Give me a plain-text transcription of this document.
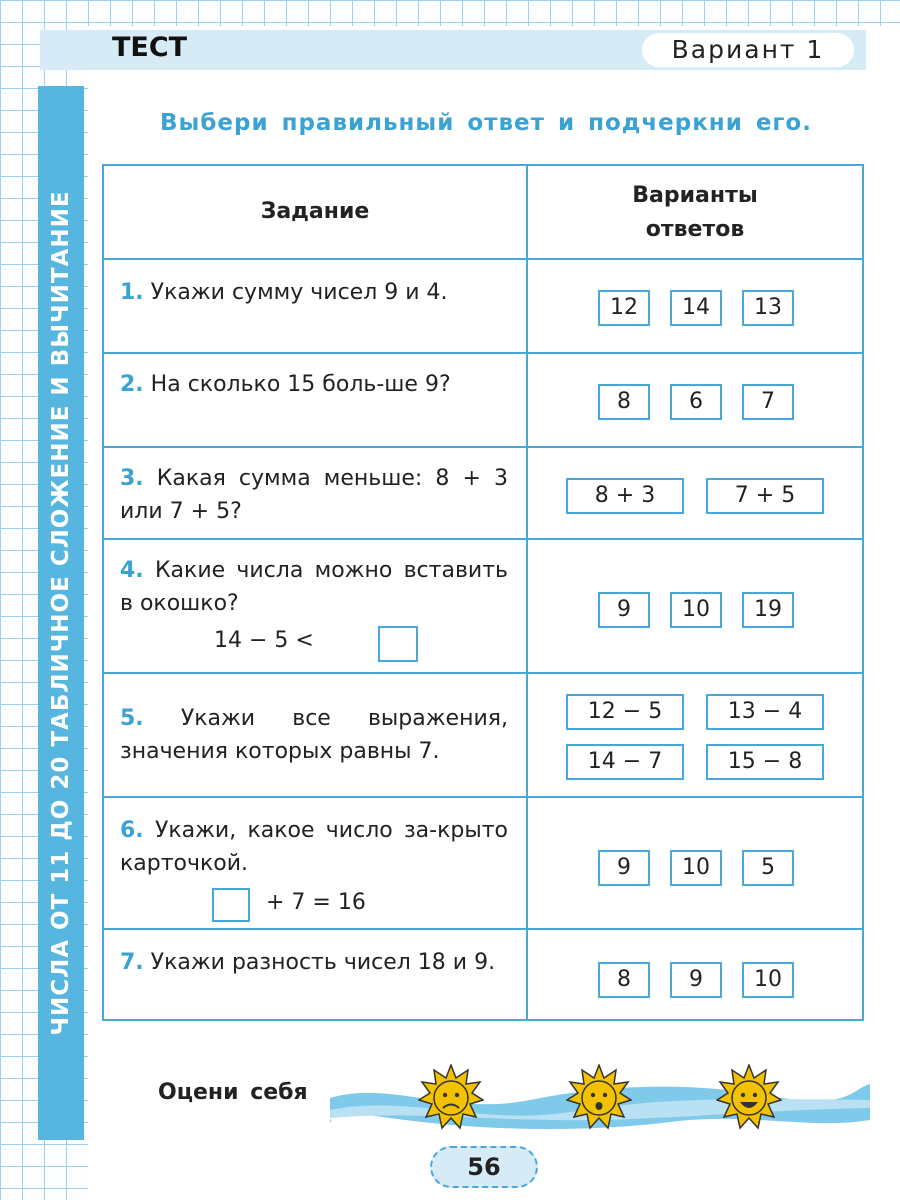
ЧИСЛА ОТ 11 ДО 20 ТАБЛИЧНОЕ СЛОЖЕНИЕ И ВЫЧИТАНИЕ
ТЕСТ	Вариант 1
Выбери правильный ответ и подчеркни его.
Задание
Варианты
ответов
1. Укажи сумму чисел 9 и 4.
12	14	13
2. На сколько 15 боль-ше 9?
8	6	7
3. Какая сумма меньше: 8 + 3 или 7 + 5?
8 + 3	7 + 5
4. Какие числа можно вставить в окошко?
14 − 5 <
9	10	19
5. Укажи все выражения, значения которых равны 7.
12 − 5	13 − 4
14 − 7	15 − 8
6. Укажи, какое число за-крыто карточкой.
+ 7 = 16
9	10	5
7. Укажи разность чисел 18 и 9.
8	9	10
Оцени себя
56
